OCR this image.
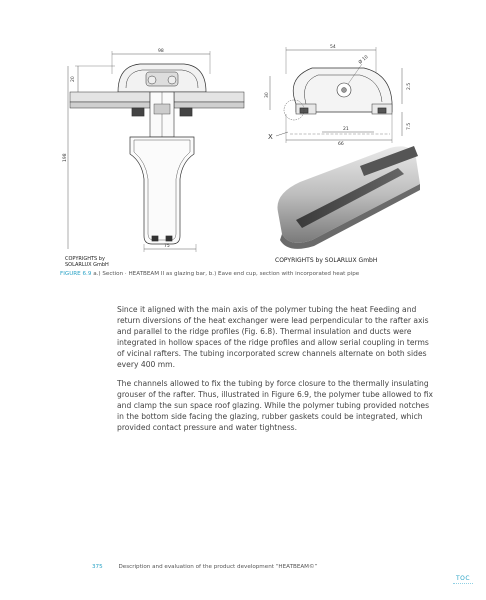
98
20
198
75
54
Ø 10
30
2.5
7.5
21
66
X
COPYRIGHTS by
SOLARLUX GmbH
COPYRIGHTS by SOLARLUX GmbH
FIGURE 6.9 a.) Section · HEATBEAM II as glazing bar, b.) Eave end cup, section with incorporated heat pipe

Since it aligned with the main axis of the polymer tubing the heat Feeding and return diversions of the heat exchanger were lead perpendicular to the rafter axis and parallel to the ridge profiles (Fig. 6.8). Thermal insulation and ducts were integrated in hollow spaces of the ridge profiles and allow serial coupling in terms of vicinal rafters. The tubing incorporated screw channels alternate on both sides every 400 mm.

The channels allowed to fix the tubing by force closure to the thermally insulating grouser of the rafter. Thus, illustrated in Figure 6.9, the polymer tube allowed to fix and clamp the sun space roof glazing. While the polymer tubing provided notches in the bottom side facing the glazing, rubber gaskets could be integrated, which provided contact pressure and water tightness.

375	Description and evaluation of the product development “HEATBEAM©”
TOC
